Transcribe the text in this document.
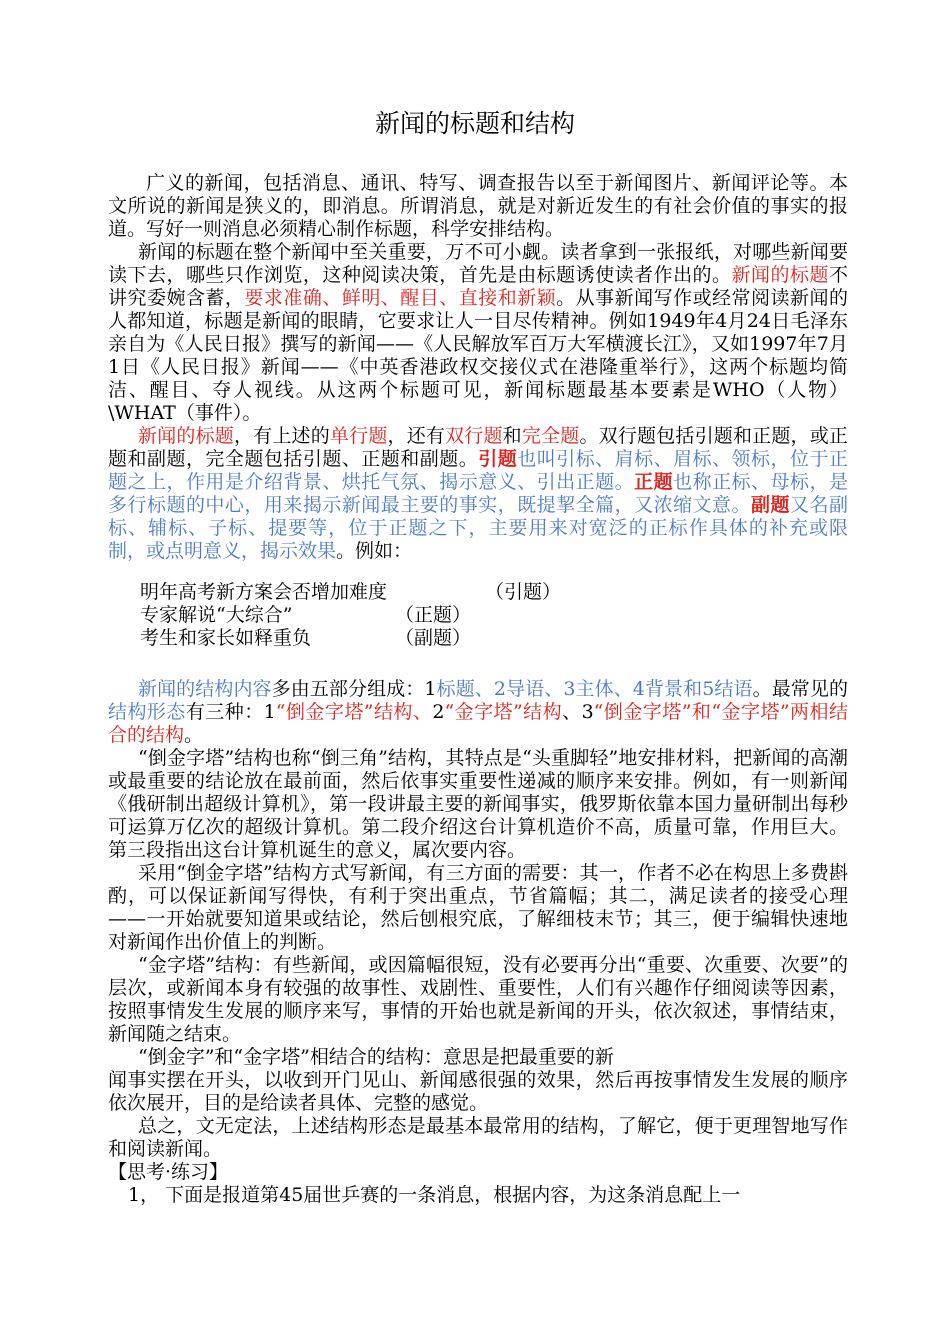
新闻的标题和结构

广义的新闻，包括消息、通讯、特写、调查报告以至于新闻图片、新闻评论等。本文所说的新闻是狭义的，即消息。所谓消息，就是对新近发生的有社会价值的事实的报道。写好一则消息必须精心制作标题，科学安排结构。

新闻的标题在整个新闻中至关重要，万不可小觑。读者拿到一张报纸，对哪些新闻要读下去，哪些只作浏览，这种阅读决策，首先是由标题诱使读者作出的。新闻的标题不讲究委婉含蓄，要求准确、鲜明、醒目、直接和新颖。从事新闻写作或经常阅读新闻的人都知道，标题是新闻的眼睛，它要求让人一目尽传精神。例如1949年4月24日毛泽东亲自为《人民日报》撰写的新闻——《人民解放军百万大军横渡长江》，又如1997年7月1日《人民日报》新闻——《中英香港政权交接仪式在港隆重举行》，这两个标题均简洁、醒目、夺人视线。从这两个标题可见，新闻标题最基本要素是WHO（人物）\WHAT（事件）。

新闻的标题，有上述的单行题，还有双行题和完全题。双行题包括引题和正题，或正题和副题，完全题包括引题、正题和副题。引题也叫引标、肩标、眉标、领标，位于正题之上，作用是介绍背景、烘托气氛、揭示意义、引出正题。正题也称正标、母标，是多行标题的中心，用来揭示新闻最主要的事实，既提挈全篇，又浓缩文意。副题又名副标、辅标、子标、提要等，位于正题之下，主要用来对宽泛的正标作具体的补充或限制，或点明意义，揭示效果。例如：

明年高考新方案会否增加难度	（引题）
专家解说“大综合”	（正题）
考生和家长如释重负	（副题）

新闻的结构内容多由五部分组成：1标题、2导语、3主体、4背景和5结语。最常见的结构形态有三种：1“倒金字塔”结构、2“金字塔”结构、3“倒金字塔”和“金字塔”两相结合的结构。

“倒金字塔”结构也称“倒三角”结构，其特点是“头重脚轻”地安排材料，把新闻的高潮或最重要的结论放在最前面，然后依事实重要性递减的顺序来安排。例如，有一则新闻《俄研制出超级计算机》，第一段讲最主要的新闻事实，俄罗斯依靠本国力量研制出每秒可运算万亿次的超级计算机。第二段介绍这台计算机造价不高，质量可靠，作用巨大。第三段指出这台计算机诞生的意义，属次要内容。

采用“倒金字塔”结构方式写新闻，有三方面的需要：其一，作者不必在构思上多费斟酌，可以保证新闻写得快，有利于突出重点，节省篇幅；其二，满足读者的接受心理——一开始就要知道果或结论，然后刨根究底，了解细枝末节；其三，便于编辑快速地对新闻作出价值上的判断。

“金字塔”结构：有些新闻，或因篇幅很短，没有必要再分出“重要、次重要、次要”的层次，或新闻本身有较强的故事性、戏剧性、重要性，人们有兴趣作仔细阅读等因素，按照事情发生发展的顺序来写，事情的开始也就是新闻的开头，依次叙述，事情结束，新闻随之结束。

“倒金字”和“金字塔”相结合的结构：意思是把最重要的新

闻事实摆在开头，以收到开门见山、新闻感很强的效果，然后再按事情发生发展的顺序依次展开，目的是给读者具体、完整的感觉。

总之，文无定法，上述结构形态是最基本最常用的结构，了解它，便于更理智地写作和阅读新闻。

【思考·练习】

1， 下面是报道第45届世乒赛的一条消息，根据内容，为这条消息配上一
